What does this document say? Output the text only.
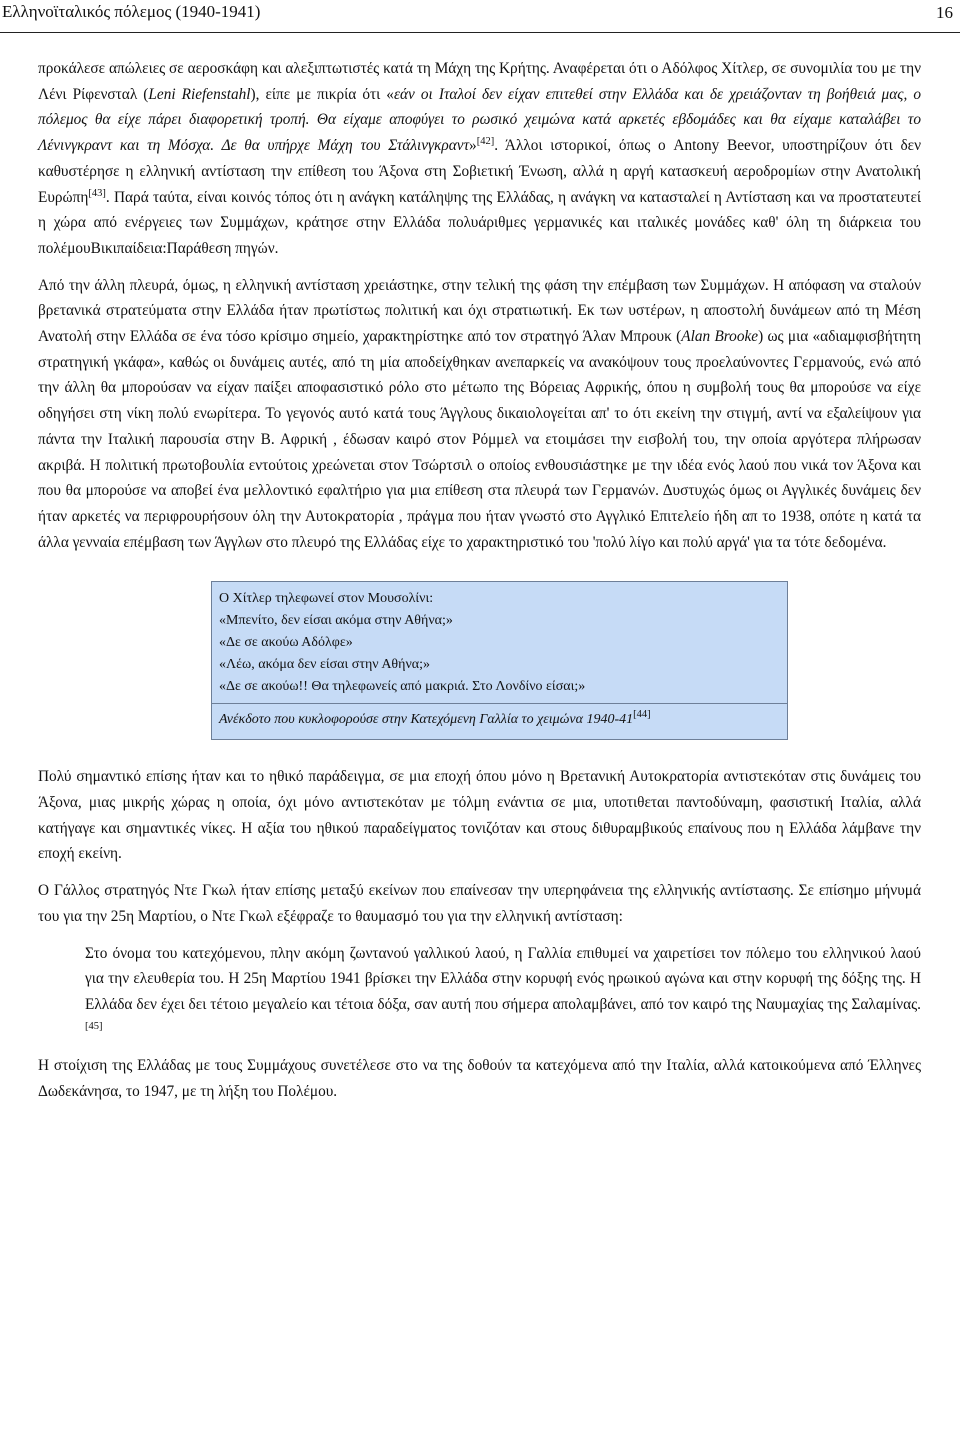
Ελληνοϊταλικός πόλεμος (1940-1941)	16

προκάλεσε απώλειες σε αεροσκάφη και αλεξιπτωτιστές κατά τη Μάχη της Κρήτης. Αναφέρεται ότι ο Αδόλφος Χίτλερ, σε συνομιλία του με την Λένι Ρίφενσταλ (Leni Riefenstahl), είπε με πικρία ότι «εάν οι Ιταλοί δεν είχαν επιτεθεί στην Ελλάδα και δε χρειάζονταν τη βοήθειά μας, ο πόλεμος θα είχε πάρει διαφορετική τροπή. Θα είχαμε αποφύγει το ρωσικό χειμώνα κατά αρκετές εβδομάδες και θα είχαμε καταλάβει το Λένινγκραντ και τη Μόσχα. Δε θα υπήρχε Μάχη του Στάλινγκραντ»[42]. Άλλοι ιστορικοί, όπως ο Antony Beevor, υποστηρίζουν ότι δεν καθυστέρησε η ελληνική αντίσταση την επίθεση του Άξονα στη Σοβιετική Ένωση, αλλά η αργή κατασκευή αεροδρομίων στην Ανατολική Ευρώπη[43]. Παρά ταύτα, είναι κοινός τόπος ότι η ανάγκη κατάληψης της Ελλάδας, η ανάγκη να κατασταλεί η Αντίσταση και να προστατευτεί η χώρα από ενέργειες των Συμμάχων, κράτησε στην Ελλάδα πολυάριθμες γερμανικές και ιταλικές μονάδες καθ' όλη τη διάρκεια του πολέμουΒικιπαίδεια:Παράθεση πηγών.

Από την άλλη πλευρά, όμως, η ελληνική αντίσταση χρειάστηκε, στην τελική της φάση την επέμβαση των Συμμάχων. Η απόφαση να σταλούν βρετανικά στρατεύματα στην Ελλάδα ήταν πρωτίστως πολιτική και όχι στρατιωτική. Εκ των υστέρων, η αποστολή δυνάμεων από τη Μέση Ανατολή στην Ελλάδα σε ένα τόσο κρίσιμο σημείο, χαρακτηρίστηκε από τον στρατηγό Άλαν Μπρουκ (Alan Brooke) ως μια «αδιαμφισβήτητη στρατηγική γκάφα», καθώς οι δυνάμεις αυτές, από τη μία αποδείχθηκαν ανεπαρκείς να ανακόψουν τους προελαύνοντες Γερμανούς, ενώ από την άλλη θα μπορούσαν να είχαν παίξει αποφασιστικό ρόλο στο μέτωπο της Βόρειας Αφρικής, όπου η συμβολή τους θα μπορούσε να είχε οδηγήσει στη νίκη πολύ ενωρίτερα. Το γεγονός αυτό κατά τους Άγγλους δικαιολογείται απ' το ότι εκείνη την στιγμή, αντί να εξαλείψουν για πάντα την Ιταλική παρουσία στην Β. Αφρική , έδωσαν καιρό στον Ρόμμελ να ετοιμάσει την εισβολή του, την οποία αργότερα πλήρωσαν ακριβά. Η πολιτική πρωτοβουλία εντούτοις χρεώνεται στον Τσώρτσιλ ο οποίος ενθουσιάστηκε με την ιδέα ενός λαού που νικά τον Άξονα και που θα μπορούσε να αποβεί ένα μελλοντικό εφαλτήριο για μια επίθεση στα πλευρά των Γερμανών. Δυστυχώς όμως οι Αγγλικές δυνάμεις δεν ήταν αρκετές να περιφρουρήσουν όλη την Αυτοκρατορία , πράγμα που ήταν γνωστό στο Αγγλικό Επιτελείο ήδη απ το 1938, οπότε η κατά τα άλλα γενναία επέμβαση των Άγγλων στο πλευρό της Ελλάδας είχε το χαρακτηριστικό του 'πολύ λίγο και πολύ αργά' για τα τότε δεδομένα.

Ο Χίτλερ τηλεφωνεί στον Μουσολίνι:
«Μπενίτο, δεν είσαι ακόμα στην Αθήνα;»
«Δε σε ακούω Αδόλφε»
«Λέω, ακόμα δεν είσαι στην Αθήνα;»
«Δε σε ακούω!! Θα τηλεφωνείς από μακριά. Στο Λονδίνο είσαι;»
Ανέκδοτο που κυκλοφορούσε στην Κατεχόμενη Γαλλία το χειμώνα 1940-41[44]

Πολύ σημαντικό επίσης ήταν και το ηθικό παράδειγμα, σε μια εποχή όπου μόνο η Βρετανική Αυτοκρατορία αντιστεκόταν στις δυνάμεις του Άξονα, μιας μικρής χώρας η οποία, όχι μόνο αντιστεκόταν με τόλμη ενάντια σε μια, υποτιθεται παντοδύναμη, φασιστική Ιταλία, αλλά κατήγαγε και σημαντικές νίκες. Η αξία του ηθικού παραδείγματος τονιζόταν και στους διθυραμβικούς επαίνους που η Ελλάδα λάμβανε την εποχή εκείνη.

Ο Γάλλος στρατηγός Ντε Γκωλ ήταν επίσης μεταξύ εκείνων που επαίνεσαν την υπερηφάνεια της ελληνικής αντίστασης. Σε επίσημο μήνυμά του για την 25η Μαρτίου, ο Ντε Γκωλ εξέφραζε το θαυμασμό του για την ελληνική αντίσταση:

Στο όνομα του κατεχόμενου, πλην ακόμη ζωντανού γαλλικού λαού, η Γαλλία επιθυμεί να χαιρετίσει τον πόλεμο του ελληνικού λαού για την ελευθερία του. Η 25η Μαρτίου 1941 βρίσκει την Ελλάδα στην κορυφή ενός ηρωικού αγώνα και στην κορυφή της δόξης της. Η Ελλάδα δεν έχει δει τέτοιο μεγαλείο και τέτοια δόξα, σαν αυτή που σήμερα απολαμβάνει, από τον καιρό της Ναυμαχίας της Σαλαμίνας.[45]

Η στοίχιση της Ελλάδας με τους Συμμάχους συνετέλεσε στο να της δοθούν τα κατεχόμενα από την Ιταλία, αλλά κατοικούμενα από Έλληνες Δωδεκάνησα, το 1947, με τη λήξη του Πολέμου.
